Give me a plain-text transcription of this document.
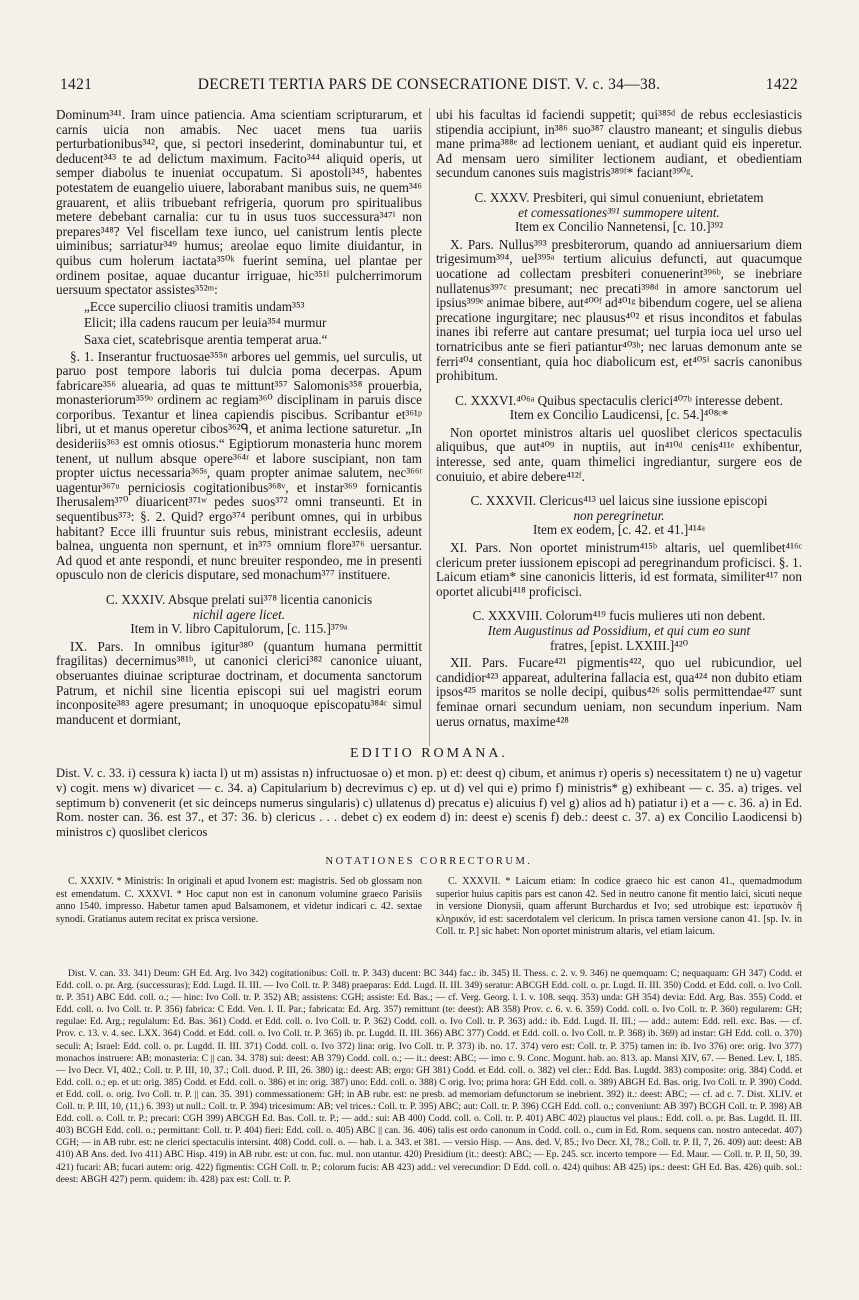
1421	DECRETI TERTIA PARS DE CONSECRATIONE DIST. V. c. 34—38.	1422

Dominum³⁴¹. Iram uince patiencia. Ama scientiam scripturarum, et carnis uicia non amabis. Nec uacet mens tua uariis perturbationibus³⁴², que, si pectori insederint, dominabuntur tui, et deducent³⁴³ te ad delictum maximum. Facito³⁴⁴ aliquid operis, ut semper diabolus te inueniat occupatum. Si apostoli³⁴⁵, habentes potestatem de euangelio uiuere, laborabant manibus suis, ne quem³⁴⁶ grauarent, et aliis tribuebant refrigeria, quorum pro spiritualibus metere debebant carnalia: cur tu in usus tuos successura³⁴⁷ⁱ non prepares³⁴⁸? Vel fiscellam texe iunco, uel canistrum lentis plecte uiminibus; sarriatur³⁴⁹ humus; areolae equo limite diuidantur, in quibus cum holerum iactata³⁵⁰ᵏ fuerint semina, uel plantae per ordinem positae, aquae ducantur irriguae, hic³⁵¹ˡ pulcherrimorum uersuum spectator assistes³⁵²ᵐ:

„Ecce supercilio cliuosi tramitis undam³⁵³

Elicit; illa cadens raucum per leuia³⁵⁴ murmur

Saxa ciet, scatebrisque arentia temperat arua.“

§. 1. Inserantur fructuosae³⁵⁵ⁿ arbores uel gemmis, uel surculis, ut paruo post tempore laboris tui dulcia poma decerpas. Apum fabricare³⁵⁶ aluearia, ad quas te mittunt³⁵⁷ Salomonis³⁵⁸ prouerbia, monasteriorum³⁵⁹ᵒ ordinem ac regiam³⁶⁰ disciplinam in paruis disce corporibus. Texantur et linea capiendis piscibus. Scribantur et³⁶¹ᵖ libri, ut et manus operetur cibos³⁶²ᑫ, et anima lectione saturetur. „In desideriis³⁶³ est omnis otiosus.“ Egiptiorum monasteria hunc morem tenent, ut nullum absque opere³⁶⁴ʳ et labore suscipiant, non tam propter uictus necessaria³⁶⁵ˢ, quam propter animae salutem, nec³⁶⁶ᵗ uagentur³⁶⁷ᵘ perniciosis cogitationibus³⁶⁸ᵛ, et instar³⁶⁹ fornicantis Iherusalem³⁷⁰ diuaricent³⁷¹ʷ pedes suos³⁷² omni transeunti. Et in sequentibus³⁷³: §. 2. Quid? ergo³⁷⁴ peribunt omnes, qui in urbibus habitant? Ecce illi fruuntur suis rebus, ministrant ecclesiis, adeunt balnea, unguenta non spernunt, et in³⁷⁵ omnium flore³⁷⁶ uersantur. Ad quod et ante respondi, et nunc breuiter respondeo, me in presenti opusculo non de clericis disputare, sed monachum³⁷⁷ instituere.

C. XXXIV. Absque prelati sui³⁷⁸ licentia canonicis

nichil agere licet.

Item in V. libro Capitulorum, [c. 115.]³⁷⁹ᵃ

IX. Pars. In omnibus igitur³⁸⁰ (quantum humana permittit fragilitas) decernimus³⁸¹ᵇ, ut canonici clerici³⁸² canonice uiuant, obseruantes diuinae scripturae doctrinam, et documenta sanctorum Patrum, et nichil sine licentia episcopi sui uel magistri eorum inconposite³⁸³ agere presumant; in unoquoque episcopatu³⁸⁴ᶜ simul manducent et dormiant,

ubi his facultas id faciendi suppetit; qui³⁸⁵ᵈ de rebus ecclesiasticis stipendia accipiunt, in³⁸⁶ suo³⁸⁷ claustro maneant; et singulis diebus mane prima³⁸⁸ᵉ ad lectionem ueniant, et audiant quid eis inperetur. Ad mensam uero similiter lectionem audiant, et obedientiam secundum canones suis magistris³⁸⁹ᶠ* faciant³⁹⁰ᵍ.

C. XXXV. Presbiteri, qui simul conueniunt, ebrietatem

et comessationes³⁹¹ summopere uitent.

Item ex Concilio Nannetensi, [c. 10.]³⁹²

X. Pars. Nullus³⁹³ presbiterorum, quando ad anniuersarium diem trigesimum³⁹⁴, uel³⁹⁵ᵃ tertium alicuius defuncti, aut quacumque uocatione ad collectam presbiteri conuenerint³⁹⁶ᵇ, se inebriare nullatenus³⁹⁷ᶜ presumant; nec precati³⁹⁸ᵈ in amore sanctorum uel ipsius³⁹⁹ᵉ animae bibere, aut⁴⁰⁰ᶠ ad⁴⁰¹ᵍ bibendum cogere, uel se aliena precatione ingurgitare; nec plausus⁴⁰² et risus inconditos et fabulas inanes ibi referre aut cantare presumat; uel turpia ioca uel urso uel tornatricibus ante se fieri patiantur⁴⁰³ʰ; nec laruas demonum ante se ferri⁴⁰⁴ consentiant, quia hoc diabolicum est, et⁴⁰⁵ⁱ sacris canonibus prohibitum.

C. XXXVI.⁴⁰⁶ᵃ Quibus spectaculis clerici⁴⁰⁷ᵇ interesse debent.

Item ex Concilio Laudicensi, [c. 54.]⁴⁰⁸ᶜ*

Non oportet ministros altaris uel quoslibet clericos spectaculis aliquibus, que aut⁴⁰⁹ in nuptiis, aut in⁴¹⁰ᵈ cenis⁴¹¹ᵉ exhibentur, interesse, sed ante, quam thimelici ingrediantur, surgere eos de conuiuio, et abire debere⁴¹²ᶠ.

C. XXXVII. Clericus⁴¹³ uel laicus sine iussione episcopi

non peregrinetur.

Item ex eodem, [c. 42. et 41.]⁴¹⁴ᵃ

XI. Pars. Non oportet ministrum⁴¹⁵ᵇ altaris, uel quemlibet⁴¹⁶ᶜ clericum preter iussionem episcopi ad peregrinandum proficisci. §. 1. Laicum etiam* sine canonicis litteris, id est formata, similiter⁴¹⁷ non oportet alicubi⁴¹⁸ proficisci.

C. XXXVIII. Colorum⁴¹⁹ fucis mulieres uti non debent.

Item Augustinus ad Possidium, et qui cum eo sunt

fratres, [epist. LXXIII.]⁴²⁰

XII. Pars. Fucare⁴²¹ pigmentis⁴²², quo uel rubicundior, uel candidior⁴²³ appareat, adulterina fallacia est, qua⁴²⁴ non dubito etiam ipsos⁴²⁵ maritos se nolle decipi, quibus⁴²⁶ solis permittendae⁴²⁷ sunt feminae ornari secundum ueniam, non secundum inperium. Nam uerus ornatus, maxime⁴²⁸

EDITIO ROMANA.

Dist. V. c. 33. i) cessura k) iacta l) ut m) assistas n) infructuosae o) et mon. p) et: deest q) cibum, et animus r) operis s) necessitatem t) ne u) vagetur v) cogit. mens w) divaricet — c. 34. a) Capitularium b) decrevimus c) ep. ut d) vel qui e) primo f) ministris* g) exhibeant — c. 35. a) triges. vel septimum b) convenerit (et sic deinceps numerus singularis) c) ullatenus d) precatus e) alicuius f) vel g) alios ad h) patiatur i) et a — c. 36. a) in Ed. Rom. noster can. 36. est 37., et 37: 36. b) clericus . . . debet c) ex eodem d) in: deest e) scenis f) deb.: deest c. 37. a) ex Concilio Laodicensi b) ministros c) quoslibet clericos

NOTATIONES CORRECTORUM.

C. XXXIV. * Ministris: In originali et apud Ivonem est: magistris. Sed ob glossam non est emendatum. C. XXXVI. * Hoc caput non est in canonum volumine graeco Parisiis anno 1540. impresso. Habetur tamen apud Balsamonem, et videtur indicari c. 42. sextae synodi. Gratianus autem recitat ex prisca versione.

C. XXXVII. * Laicum etiam: In codice graeco hic est canon 41., quemadmodum superior huius capitis pars est canon 42. Sed in neutro canone fit mentio laici, sicuti neque in versione Dionysii, quam afferunt Burchardus et Ivo; sed utrobique est: ἱερατικὸν ἢ κληρικόν, id est: sacerdotalem vel clericum. In prisca tamen versione canon 41. [sp. Iv. in Coll. tr. P.] sic habet: Non oportet ministrum altaris, vel etiam laicum.

Dist. V. can. 33. 341) Deum: GH Ed. Arg. Ivo 342) cogitationibus: Coll. tr. P. 343) ducent: BC 344) fac.: ib. 345) II. Thess. c. 2. v. 9. 346) ne quemquam: C; nequaquam: GH 347) Codd. et Edd. coll. o. pr. Arg. (successuras); Edd. Lugd. II. III. — Ivo Coll. tr. P. 348) praeparas: Edd. Lugd. II. III. 349) seratur: ABCGH Edd. coll. o. pr. Lugd. II. III. 350) Codd. et Edd. coll. o. Ivo Coll. tr. P. 351) ABC Edd. coll. o.; — hinc: Ivo Coll. tr. P. 352) AB; assistens: CGH; assiste: Ed. Bas.; — cf. Verg. Georg. l. I. v. 108. seqq. 353) unda: GH 354) devia: Edd. Arg. Bas. 355) Codd. et Edd. coll. o. Ivo Coll. tr. P. 356) fabrica: C Edd. Ven. I. II. Par.; fabricata: Ed. Arg. 357) remittunt (te: deest): AB 358) Prov. c. 6. v. 6. 359) Codd. coll. o. Ivo Coll. tr. P. 360) regularem: GH; regulae: Ed. Arg.; regulalum: Ed. Bas. 361) Codd. et Edd. coll. o. Ivo Coll. tr. P. 362) Codd. coll. o. Ivo Coll. tr. P. 363) add.: ib. Edd. Lugd. II. III.; — add.: autem: Edd. rell. exc. Bas. — cf. Prov. c. 13. v. 4. sec. LXX. 364) Codd. et Edd. coll. o. Ivo Coll. tr. P. 365) ib. pr. Lugdd. II. III. 366) ABC 377) Codd. et Edd. coll. o. Ivo Coll. tr. P. 368) ib. 369) ad instar: GH Edd. coll. o. 370) seculi: A; Israel: Edd. coll. o. pr. Lugdd. II. III. 371) Codd. coll. o. Ivo 372) lina: orig. Ivo Coll. tr. P. 373) ib. no. 17. 374) vero est: Coll. tr. P. 375) tamen in: ib. Ivo 376) ore: orig. Ivo 377) monachos instruere: AB; monasteria: C || can. 34. 378) sui: deest: AB 379) Codd. coll. o.; — it.: deest: ABC; — imo c. 9. Conc. Mogunt. hab. ao. 813. ap. Mansi XIV, 67. — Bened. Lev. I, 185. — Ivo Decr. VI, 402.; Coll. tr. P. III, 10, 37.; Coll. duod. P. III, 26. 380) ig.: deest: AB; ergo: GH 381) Codd. et Edd. coll. o. 382) vel cler.: Edd. Bas. Lugdd. 383) composite: orig. 384) Codd. et Edd. coll. o.; ep. et ut: orig. 385) Codd. et Edd. coll. o. 386) et in: orig. 387) uno: Edd. coll. o. 388) C orig. Ivo; prima hora: GH Edd. coll. o. 389) ABGH Ed. Bas. orig. Ivo Coll. tr. P. 390) Codd. et Edd. coll. o. orig. Ivo Coll. tr. P. || can. 35. 391) commessationem: GH; in AB rubr. est: ne presb. ad memoriam defunctorum se inebrient. 392) it.: deest: ABC; — cf. ad c. 7. Dist. XLIV. et Coll. tr. P. III, 10, (11,) 6. 393) ut null.: Coll. tr. P. 394) tricesimum: AB; vel trices.: Coll. tr. P. 395) ABC; aut: Coll. tr. P. 396) CGH Edd. coll. o.; conveniunt: AB 397) BCGH Coll. tr. P. 398) AB Edd. coll. o. Coll. tr. P.; precari: CGH 399) ABCGH Ed. Bas. Coll. tr. P.; — add.: sui: AB 400) Codd. coll. o. Coll. tr. P. 401) ABC 402) plauctus vel plaus.: Edd. coll. o. pr. Bas. Lugdd. II. III. 403) BCGH Edd. coll. o.; permittant: Coll. tr. P. 404) fieri: Edd. coll. o. 405) ABC || can. 36. 406) talis est ordo canonum in Codd. coll. o., cum in Ed. Rom. sequens can. nostro antecedat. 407) CGH; — in AB rubr. est: ne clerici spectaculis intersint. 408) Codd. coll. o. — hab. i. a. 343. et 381. — versio Hisp. — Ans. ded. V, 85.; Ivo Decr. XI, 78.; Coll. tr. P. II, 7, 26. 409) aut: deest: AB 410) AB Ans. ded. Ivo 411) ABC Hisp. 419) in AB rubr. est: ut con. fuc. mul. non utantur. 420) Presidium (it.: deest): ABC; — Ep. 245. scr. incerto tempore — Ed. Maur. — Coll. tr. P. II, 50, 39. 421) fucari: AB; fucari autem: orig. 422) figmentis: CGH Coll. tr. P.; colorum fucis: AB 423) add.: vel verecundior: D Edd. coll. o. 424) quibus: AB 425) ips.: deest: GH Ed. Bas. 426) quib. sol.: deest: ABGH 427) perm. quidem: ib. 428) pax est: Coll. tr. P.
